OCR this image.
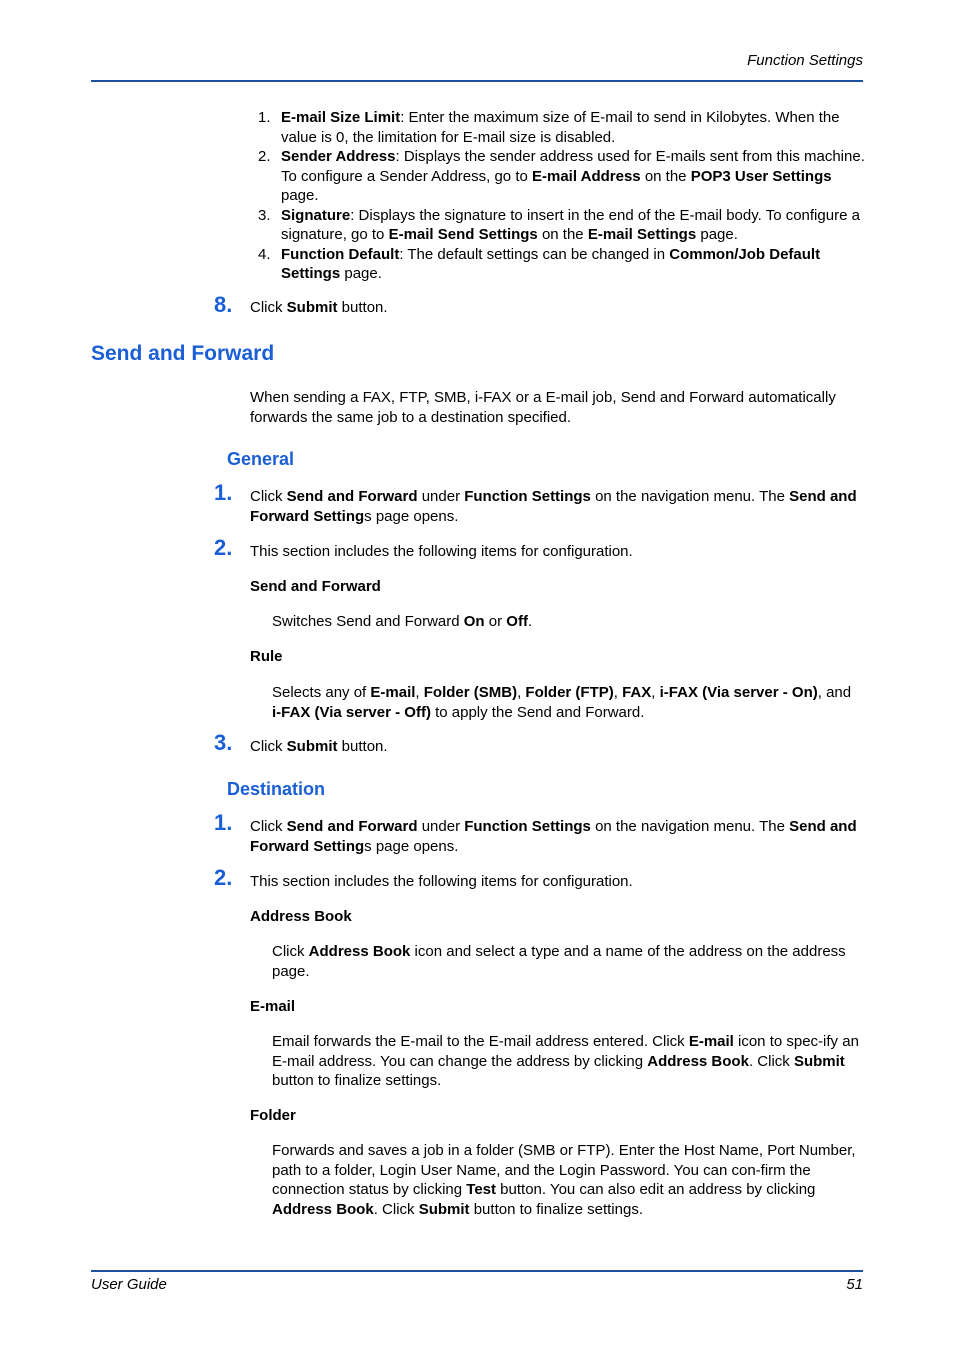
Function Settings
1. E-mail Size Limit: Enter the maximum size of E-mail to send in Kilobytes. When the value is 0, the limitation for E-mail size is disabled.
2. Sender Address: Displays the sender address used for E-mails sent from this machine. To configure a Sender Address, go to E-mail Address on the POP3 User Settings page.
3. Signature: Displays the signature to insert in the end of the E-mail body. To configure a signature, go to E-mail Send Settings on the E-mail Settings page.
4. Function Default: The default settings can be changed in Common/Job Default Settings page.
8. Click Submit button.
Send and Forward
When sending a FAX, FTP, SMB, i-FAX or a E-mail job, Send and Forward automatically forwards the same job to a destination specified.
General
1. Click Send and Forward under Function Settings on the navigation menu. The Send and Forward Settings page opens.
2. This section includes the following items for configuration.
Send and Forward
Switches Send and Forward On or Off.
Rule
Selects any of E-mail, Folder (SMB), Folder (FTP), FAX, i-FAX (Via server - On), and i-FAX (Via server - Off) to apply the Send and Forward.
3. Click Submit button.
Destination
1. Click Send and Forward under Function Settings on the navigation menu. The Send and Forward Settings page opens.
2. This section includes the following items for configuration.
Address Book
Click Address Book icon and select a type and a name of the address on the address page.
E-mail
Email forwards the E-mail to the E-mail address entered. Click E-mail icon to spec-ify an E-mail address. You can change the address by clicking Address Book. Click Submit button to finalize settings.
Folder
Forwards and saves a job in a folder (SMB or FTP). Enter the Host Name, Port Number, path to a folder, Login User Name, and the Login Password. You can con-firm the connection status by clicking Test button. You can also edit an address by clicking Address Book. Click Submit button to finalize settings.
User Guide	51
